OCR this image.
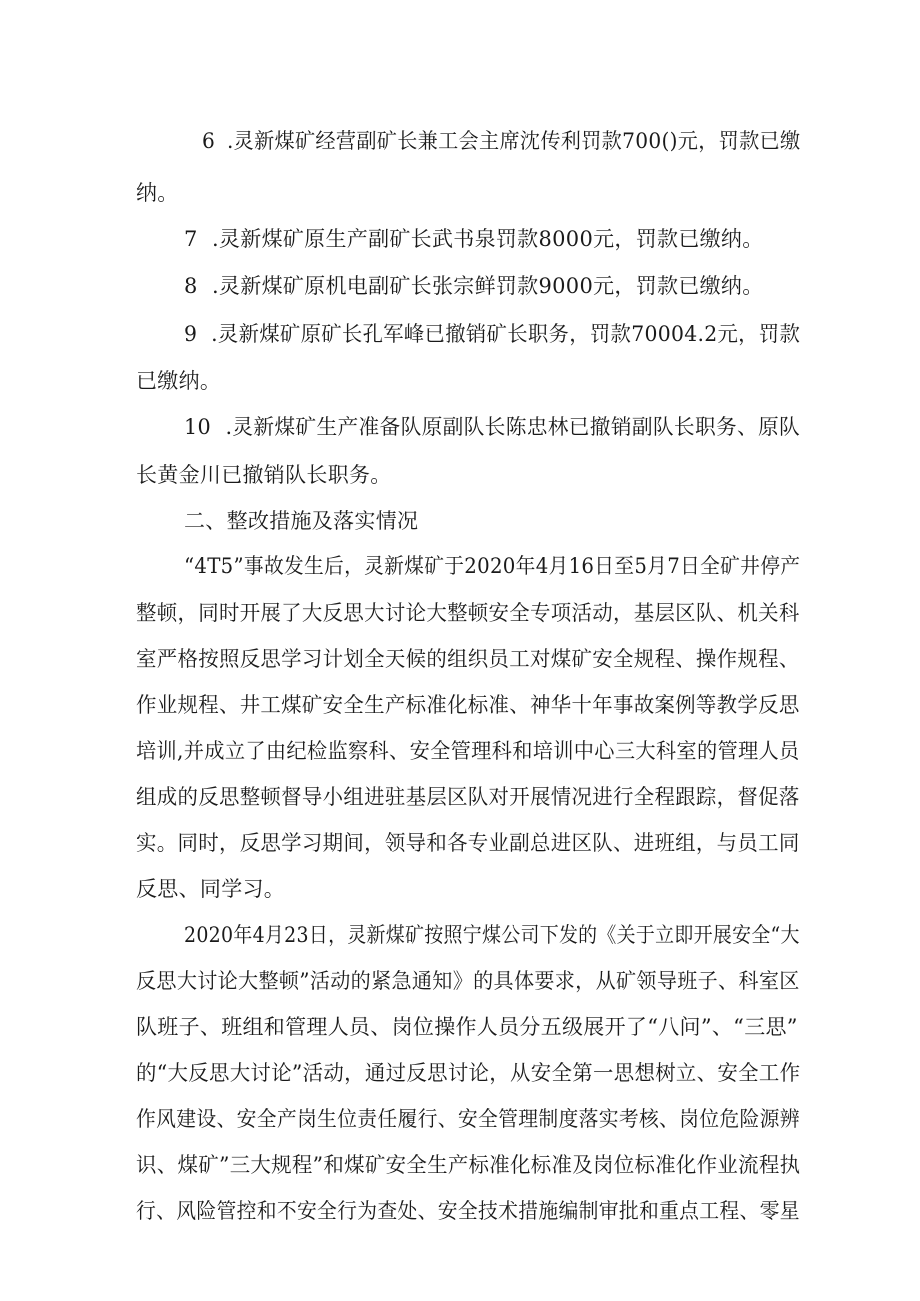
6 .灵新煤矿经营副矿长兼工会主席沈传利罚款700()元，罚款已缴
纳。
7 .灵新煤矿原生产副矿长武书泉罚款8000元，罚款已缴纳。
8 .灵新煤矿原机电副矿长张宗鲜罚款9000元，罚款已缴纳。
9 .灵新煤矿原矿长孔军峰已撤销矿长职务，罚款70004.2元，罚款
已缴纳。
10 .灵新煤矿生产准备队原副队长陈忠林已撤销副队长职务、原队
长黄金川已撤销队长职务。
二、整改措施及落实情况
“4T5”事故发生后，灵新煤矿于2020年4月16日至5月7日全矿井停产
整顿，同时开展了大反思大讨论大整顿安全专项活动，基层区队、机关科
室严格按照反思学习计划全天候的组织员工对煤矿安全规程、操作规程、
作业规程、井工煤矿安全生产标准化标准、神华十年事故案例等教学反思
培训,并成立了由纪检监察科、安全管理科和培训中心三大科室的管理人员
组成的反思整顿督导小组进驻基层区队对开展情况进行全程跟踪，督促落
实。同时，反思学习期间，领导和各专业副总进区队、进班组，与员工同
反思、同学习。
2020年4月23日，灵新煤矿按照宁煤公司下发的《关于立即开展安全“大
反思大讨论大整顿”活动的紧急通知》的具体要求，从矿领导班子、科室区
队班子、班组和管理人员、岗位操作人员分五级展开了“八问”、“三思”
的“大反思大讨论”活动，通过反思讨论，从安全第一思想树立、安全工作
作风建设、安全产岗生位责任履行、安全管理制度落实考核、岗位危险源辨
识、煤矿”三大规程”和煤矿安全生产标准化标准及岗位标准化作业流程执
行、风险管控和不安全行为查处、安全技术措施编制审批和重点工程、零星
